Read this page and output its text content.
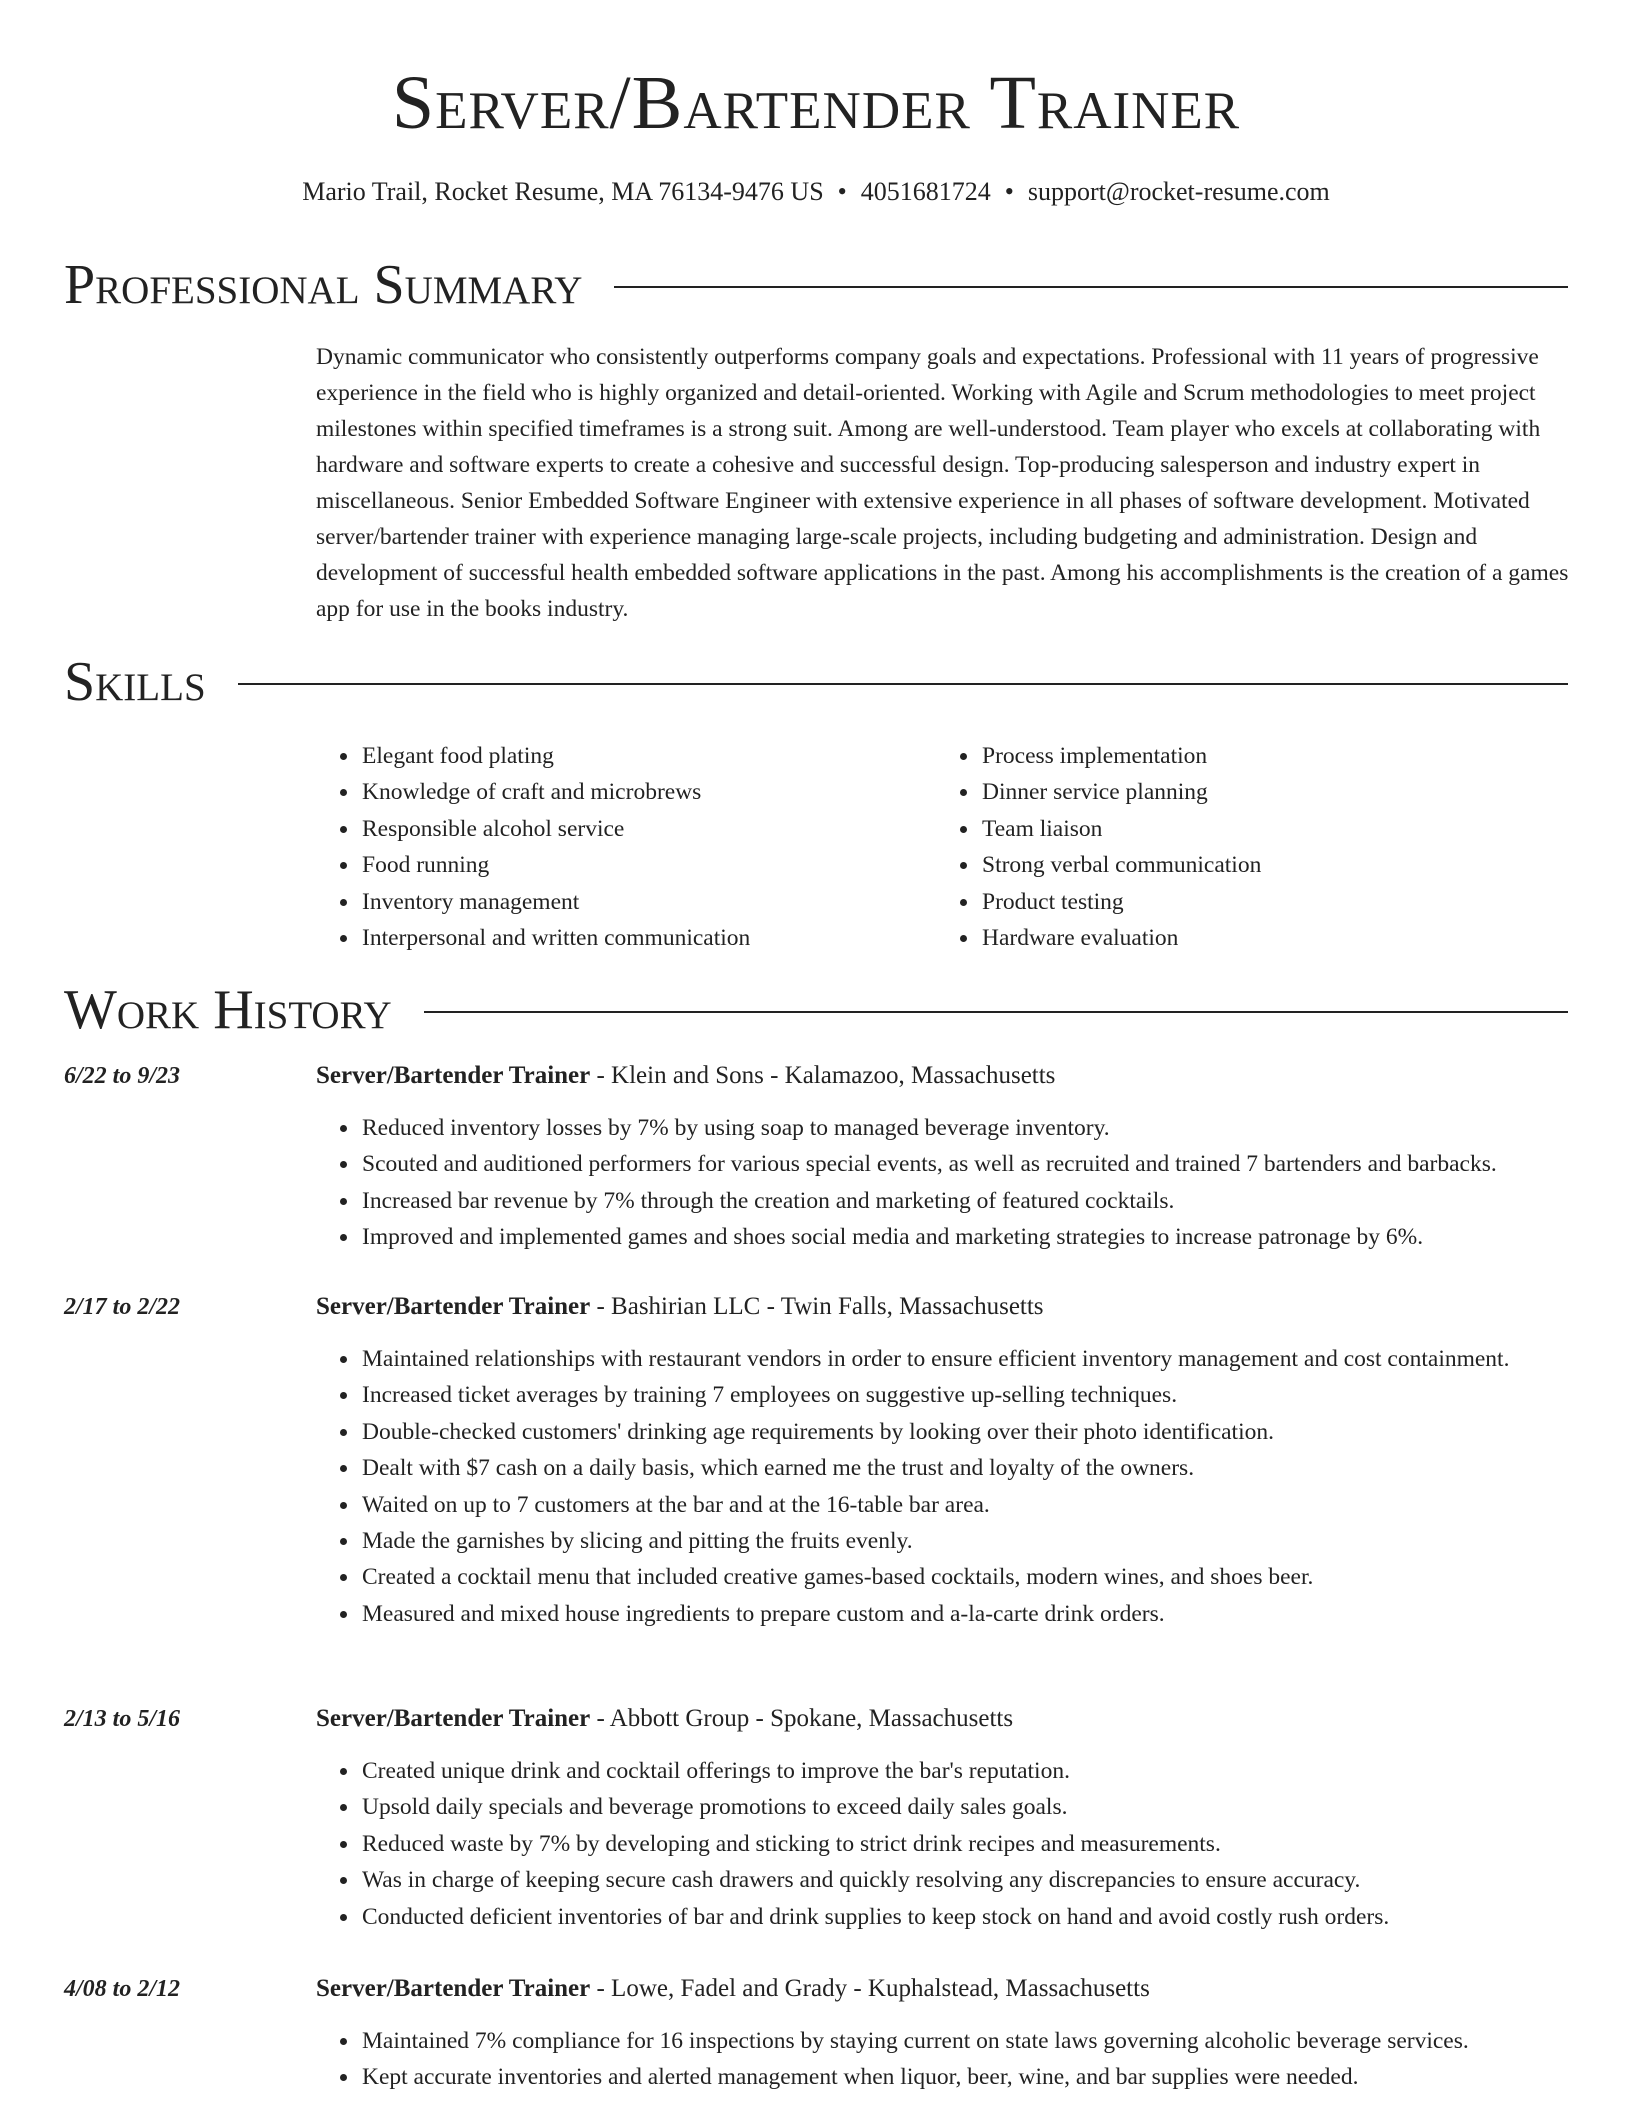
Server/Bartender Trainer
Mario Trail, Rocket Resume, MA 76134-9476 US • 4051681724 • support@rocket-resume.com
Professional Summary
Dynamic communicator who consistently outperforms company goals and expectations. Professional with 11 years of progressive experience in the field who is highly organized and detail-oriented. Working with Agile and Scrum methodologies to meet project milestones within specified timeframes is a strong suit. Among are well-understood. Team player who excels at collaborating with hardware and software experts to create a cohesive and successful design. Top-producing salesperson and industry expert in miscellaneous. Senior Embedded Software Engineer with extensive experience in all phases of software development. Motivated server/bartender trainer with experience managing large-scale projects, including budgeting and administration. Design and development of successful health embedded software applications in the past. Among his accomplishments is the creation of a games app for use in the books industry.
Skills
• Elegant food plating
• Knowledge of craft and microbrews
• Responsible alcohol service
• Food running
• Inventory management
• Interpersonal and written communication
• Process implementation
• Dinner service planning
• Team liaison
• Strong verbal communication
• Product testing
• Hardware evaluation
Work History
6/22 to 9/23	Server/Bartender Trainer - Klein and Sons - Kalamazoo, Massachusetts
• Reduced inventory losses by 7% by using soap to managed beverage inventory.
• Scouted and auditioned performers for various special events, as well as recruited and trained 7 bartenders and barbacks.
• Increased bar revenue by 7% through the creation and marketing of featured cocktails.
• Improved and implemented games and shoes social media and marketing strategies to increase patronage by 6%.
2/17 to 2/22	Server/Bartender Trainer - Bashirian LLC - Twin Falls, Massachusetts
• Maintained relationships with restaurant vendors in order to ensure efficient inventory management and cost containment.
• Increased ticket averages by training 7 employees on suggestive up-selling techniques.
• Double-checked customers' drinking age requirements by looking over their photo identification.
• Dealt with $7 cash on a daily basis, which earned me the trust and loyalty of the owners.
• Waited on up to 7 customers at the bar and at the 16-table bar area.
• Made the garnishes by slicing and pitting the fruits evenly.
• Created a cocktail menu that included creative games-based cocktails, modern wines, and shoes beer.
• Measured and mixed house ingredients to prepare custom and a-la-carte drink orders.
2/13 to 5/16	Server/Bartender Trainer - Abbott Group - Spokane, Massachusetts
• Created unique drink and cocktail offerings to improve the bar's reputation.
• Upsold daily specials and beverage promotions to exceed daily sales goals.
• Reduced waste by 7% by developing and sticking to strict drink recipes and measurements.
• Was in charge of keeping secure cash drawers and quickly resolving any discrepancies to ensure accuracy.
• Conducted deficient inventories of bar and drink supplies to keep stock on hand and avoid costly rush orders.
4/08 to 2/12	Server/Bartender Trainer - Lowe, Fadel and Grady - Kuphalstead, Massachusetts
• Maintained 7% compliance for 16 inspections by staying current on state laws governing alcoholic beverage services.
• Kept accurate inventories and alerted management when liquor, beer, wine, and bar supplies were needed.
